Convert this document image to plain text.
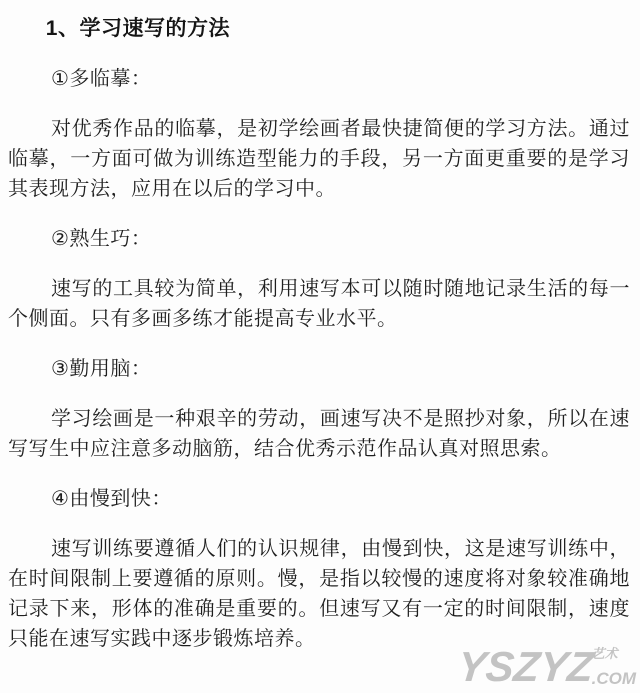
1、学习速写的方法

①多临摹：

对优秀作品的临摹，是初学绘画者最快捷简便的学习方法。通过临摹，一方面可做为训练造型能力的手段，另一方面更重要的是学习其表现方法，应用在以后的学习中。

②熟生巧：

速写的工具较为简单，利用速写本可以随时随地记录生活的每一个侧面。只有多画多练才能提高专业水平。

③勤用脑：

学习绘画是一种艰辛的劳动，画速写决不是照抄对象，所以在速写写生中应注意多动脑筋，结合优秀示范作品认真对照思索。

④由慢到快：

速写训练要遵循人们的认识规律，由慢到快，这是速写训练中，在时间限制上要遵循的原则。慢，是指以较慢的速度将对象较准确地记录下来，形体的准确是重要的。但速写又有一定的时间限制，速度只能在速写实践中逐步锻炼培养。

YSZYZ
艺术
.COM
